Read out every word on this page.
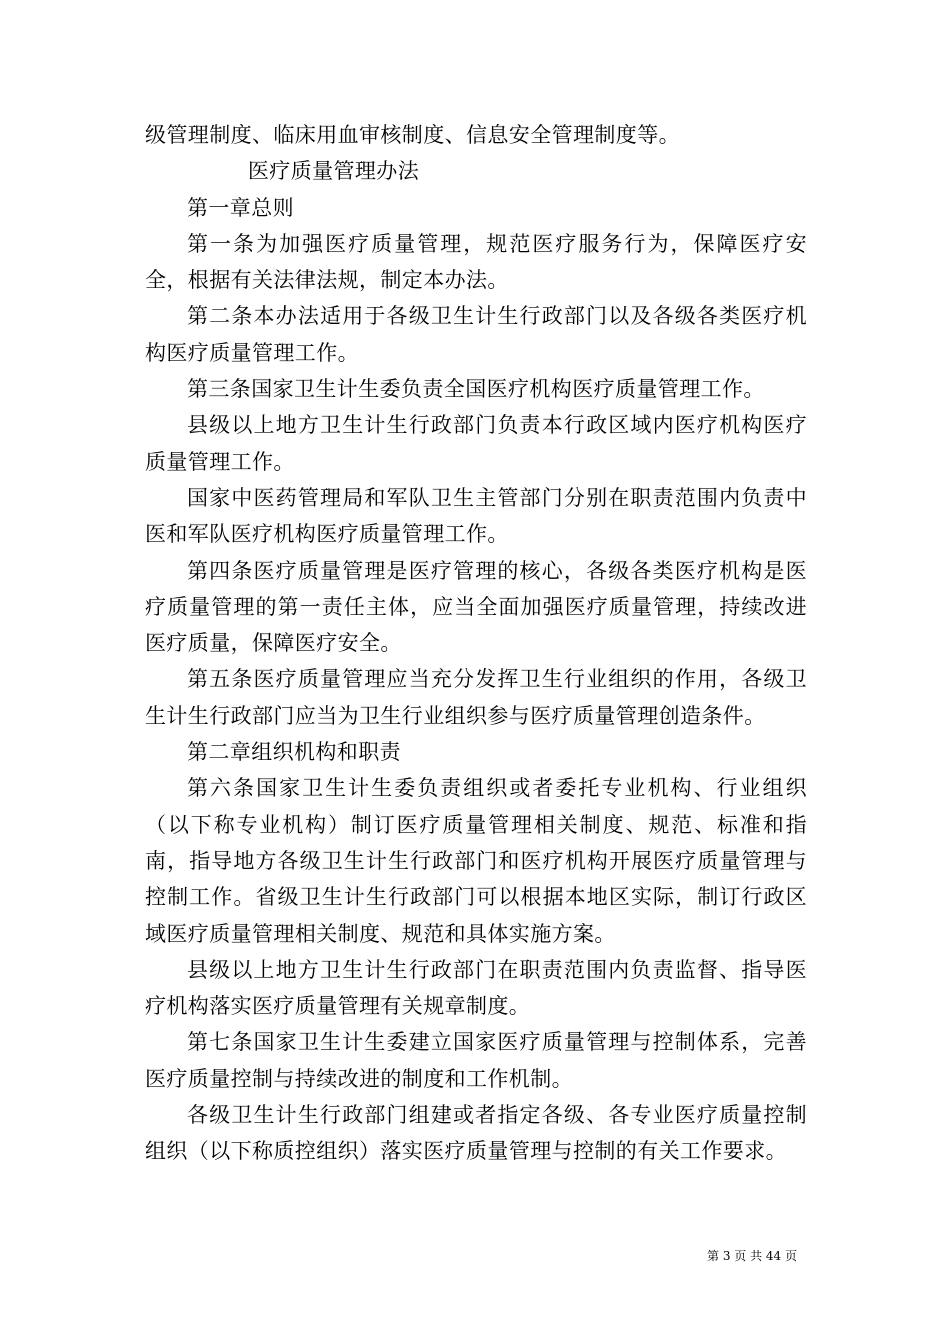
级管理制度、临床用血审核制度、信息安全管理制度等。

医疗质量管理办法

第一章总则

第一条为加强医疗质量管理，规范医疗服务行为，保障医疗安全，根据有关法律法规，制定本办法。

第二条本办法适用于各级卫生计生行政部门以及各级各类医疗机构医疗质量管理工作。

第三条国家卫生计生委负责全国医疗机构医疗质量管理工作。

县级以上地方卫生计生行政部门负责本行政区域内医疗机构医疗质量管理工作。

国家中医药管理局和军队卫生主管部门分别在职责范围内负责中医和军队医疗机构医疗质量管理工作。

第四条医疗质量管理是医疗管理的核心，各级各类医疗机构是医疗质量管理的第一责任主体，应当全面加强医疗质量管理，持续改进医疗质量，保障医疗安全。

第五条医疗质量管理应当充分发挥卫生行业组织的作用，各级卫生计生行政部门应当为卫生行业组织参与医疗质量管理创造条件。

第二章组织机构和职责

第六条国家卫生计生委负责组织或者委托专业机构、行业组织（以下称专业机构）制订医疗质量管理相关制度、规范、标准和指南，指导地方各级卫生计生行政部门和医疗机构开展医疗质量管理与控制工作。省级卫生计生行政部门可以根据本地区实际，制订行政区域医疗质量管理相关制度、规范和具体实施方案。

县级以上地方卫生计生行政部门在职责范围内负责监督、指导医疗机构落实医疗质量管理有关规章制度。

第七条国家卫生计生委建立国家医疗质量管理与控制体系，完善医疗质量控制与持续改进的制度和工作机制。

各级卫生计生行政部门组建或者指定各级、各专业医疗质量控制组织（以下称质控组织）落实医疗质量管理与控制的有关工作要求。

第 3 页 共 44 页
